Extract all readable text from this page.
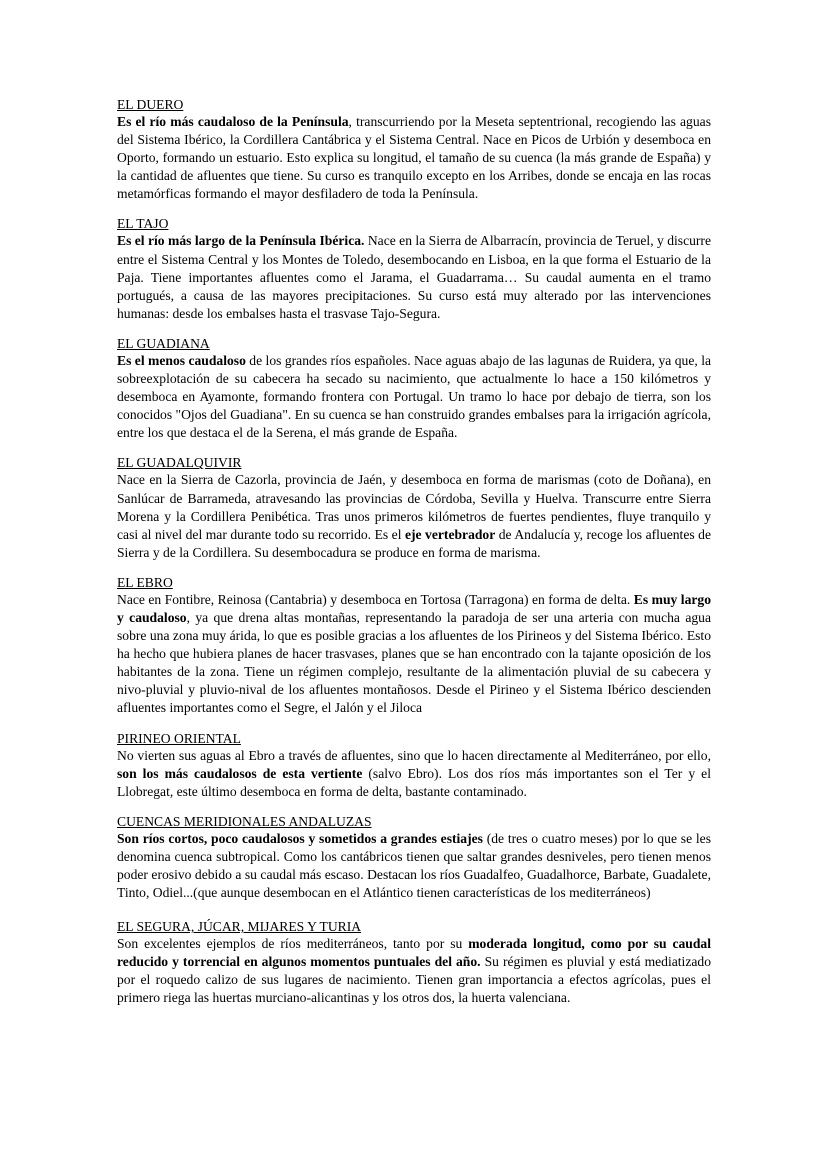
EL DUERO

Es el río más caudaloso de la Península, transcurriendo por la Meseta septentrional, recogiendo las aguas del Sistema Ibérico, la Cordillera Cantábrica y el Sistema Central. Nace en Picos de Urbión y desemboca en Oporto, formando un estuario. Esto explica su longitud, el tamaño de su cuenca (la más grande de España) y la cantidad de afluentes que tiene. Su curso es tranquilo excepto en los Arribes, donde se encaja en las rocas metamórficas formando el mayor desfiladero de toda la Península.

EL TAJO

Es el río más largo de la Península Ibérica. Nace en la Sierra de Albarracín, provincia de Teruel, y discurre entre el Sistema Central y los Montes de Toledo, desembocando en Lisboa, en la que forma el Estuario de la Paja. Tiene importantes afluentes como el Jarama, el Guadarrama… Su caudal aumenta en el tramo portugués, a causa de las mayores precipitaciones. Su curso está muy alterado por las intervenciones humanas: desde los embalses hasta el trasvase Tajo-Segura.

EL GUADIANA

Es el menos caudaloso de los grandes ríos españoles. Nace aguas abajo de las lagunas de Ruidera, ya que, la sobreexplotación de su cabecera ha secado su nacimiento, que actualmente lo hace a 150 kilómetros y desemboca en Ayamonte, formando frontera con Portugal. Un tramo lo hace por debajo de tierra, son los conocidos "Ojos del Guadiana". En su cuenca se han construido grandes embalses para la irrigación agrícola, entre los que destaca el de la Serena, el más grande de España.

EL GUADALQUIVIR

Nace en la Sierra de Cazorla, provincia de Jaén, y desemboca en forma de marismas (coto de Doñana), en Sanlúcar de Barrameda, atravesando las provincias de Córdoba, Sevilla y Huelva. Transcurre entre Sierra Morena y la Cordillera Penibética. Tras unos primeros kilómetros de fuertes pendientes, fluye tranquilo y casi al nivel del mar durante todo su recorrido. Es el eje vertebrador de Andalucía y, recoge los afluentes de Sierra y de la Cordillera. Su desembocadura se produce en forma de marisma.

EL EBRO

Nace en Fontibre, Reinosa (Cantabria) y desemboca en Tortosa (Tarragona) en forma de delta. Es muy largo y caudaloso, ya que drena altas montañas, representando la paradoja de ser una arteria con mucha agua sobre una zona muy árida, lo que es posible gracias a los afluentes de los Pirineos y del Sistema Ibérico. Esto ha hecho que hubiera planes de hacer trasvases, planes que se han encontrado con la tajante oposición de los habitantes de la zona. Tiene un régimen complejo, resultante de la alimentación pluvial de su cabecera y nivo-pluvial y pluvio-nival de los afluentes montañosos. Desde el Pirineo y el Sistema Ibérico descienden afluentes importantes como el Segre, el Jalón y el Jiloca

PIRINEO ORIENTAL

No vierten sus aguas al Ebro a través de afluentes, sino que lo hacen directamente al Mediterráneo, por ello, son los más caudalosos de esta vertiente (salvo Ebro). Los dos ríos más importantes son el Ter y el Llobregat, este último desemboca en forma de delta, bastante contaminado.

CUENCAS MERIDIONALES ANDALUZAS

Son ríos cortos, poco caudalosos y sometidos a grandes estiajes (de tres o cuatro meses) por lo que se les denomina cuenca subtropical. Como los cantábricos tienen que saltar grandes desniveles, pero tienen menos poder erosivo debido a su caudal más escaso. Destacan los ríos Guadalfeo, Guadalhorce, Barbate, Guadalete, Tinto, Odiel...(que aunque desembocan en el Atlántico tienen características de los mediterráneos)

EL SEGURA, JÚCAR, MIJARES Y TURIA

Son excelentes ejemplos de ríos mediterráneos, tanto por su moderada longitud, como por su caudal reducido y torrencial en algunos momentos puntuales del año. Su régimen es pluvial y está mediatizado por el roquedo calizo de sus lugares de nacimiento. Tienen gran importancia a efectos agrícolas, pues el primero riega las huertas murciano-alicantinas y los otros dos, la huerta valenciana.
